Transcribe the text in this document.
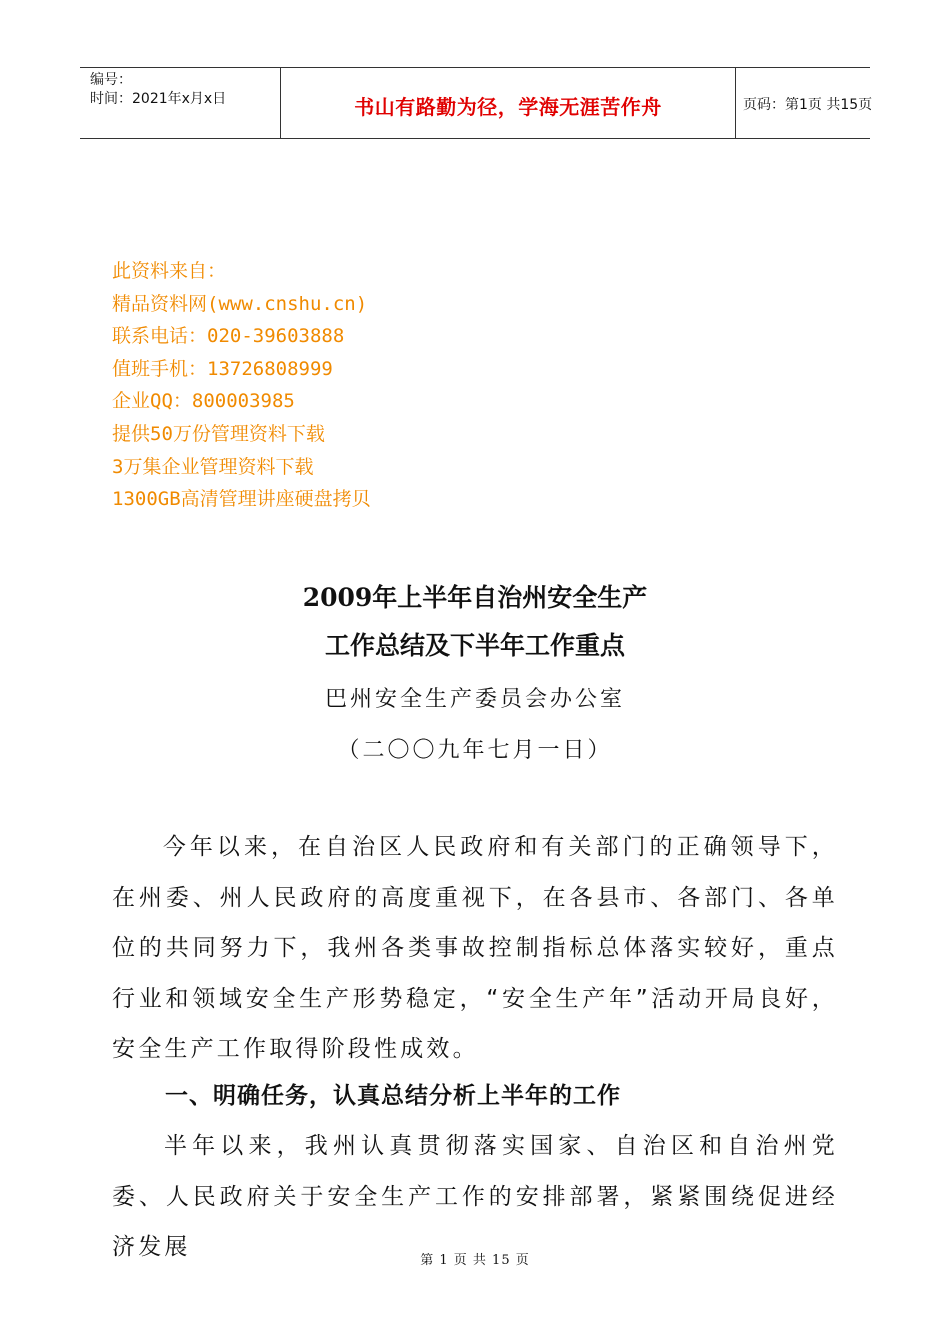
编号：
时间：2021年x月x日	书山有路勤为径，学海无涯苦作舟	页码：第1页 共15页
此资料来自：
精品资料网(www.cnshu.cn)
联系电话：020-39603888
值班手机：13726808999
企业QQ：800003985
提供50万份管理资料下载
3万集企业管理资料下载
1300GB高清管理讲座硬盘拷贝
2009年上半年自治州安全生产
工作总结及下半年工作重点
巴州安全生产委员会办公室
（二〇〇九年七月一日）
今年以来，在自治区人民政府和有关部门的正确领导下，在州委、州人民政府的高度重视下，在各县市、各部门、各单位的共同努力下，我州各类事故控制指标总体落实较好，重点行业和领域安全生产形势稳定，“安全生产年”活动开局良好，安全生产工作取得阶段性成效。
一、明确任务，认真总结分析上半年的工作
半年以来，我州认真贯彻落实国家、自治区和自治州党委、人民政府关于安全生产工作的安排部署，紧紧围绕促进经济发展
第 1 页 共 15 页
